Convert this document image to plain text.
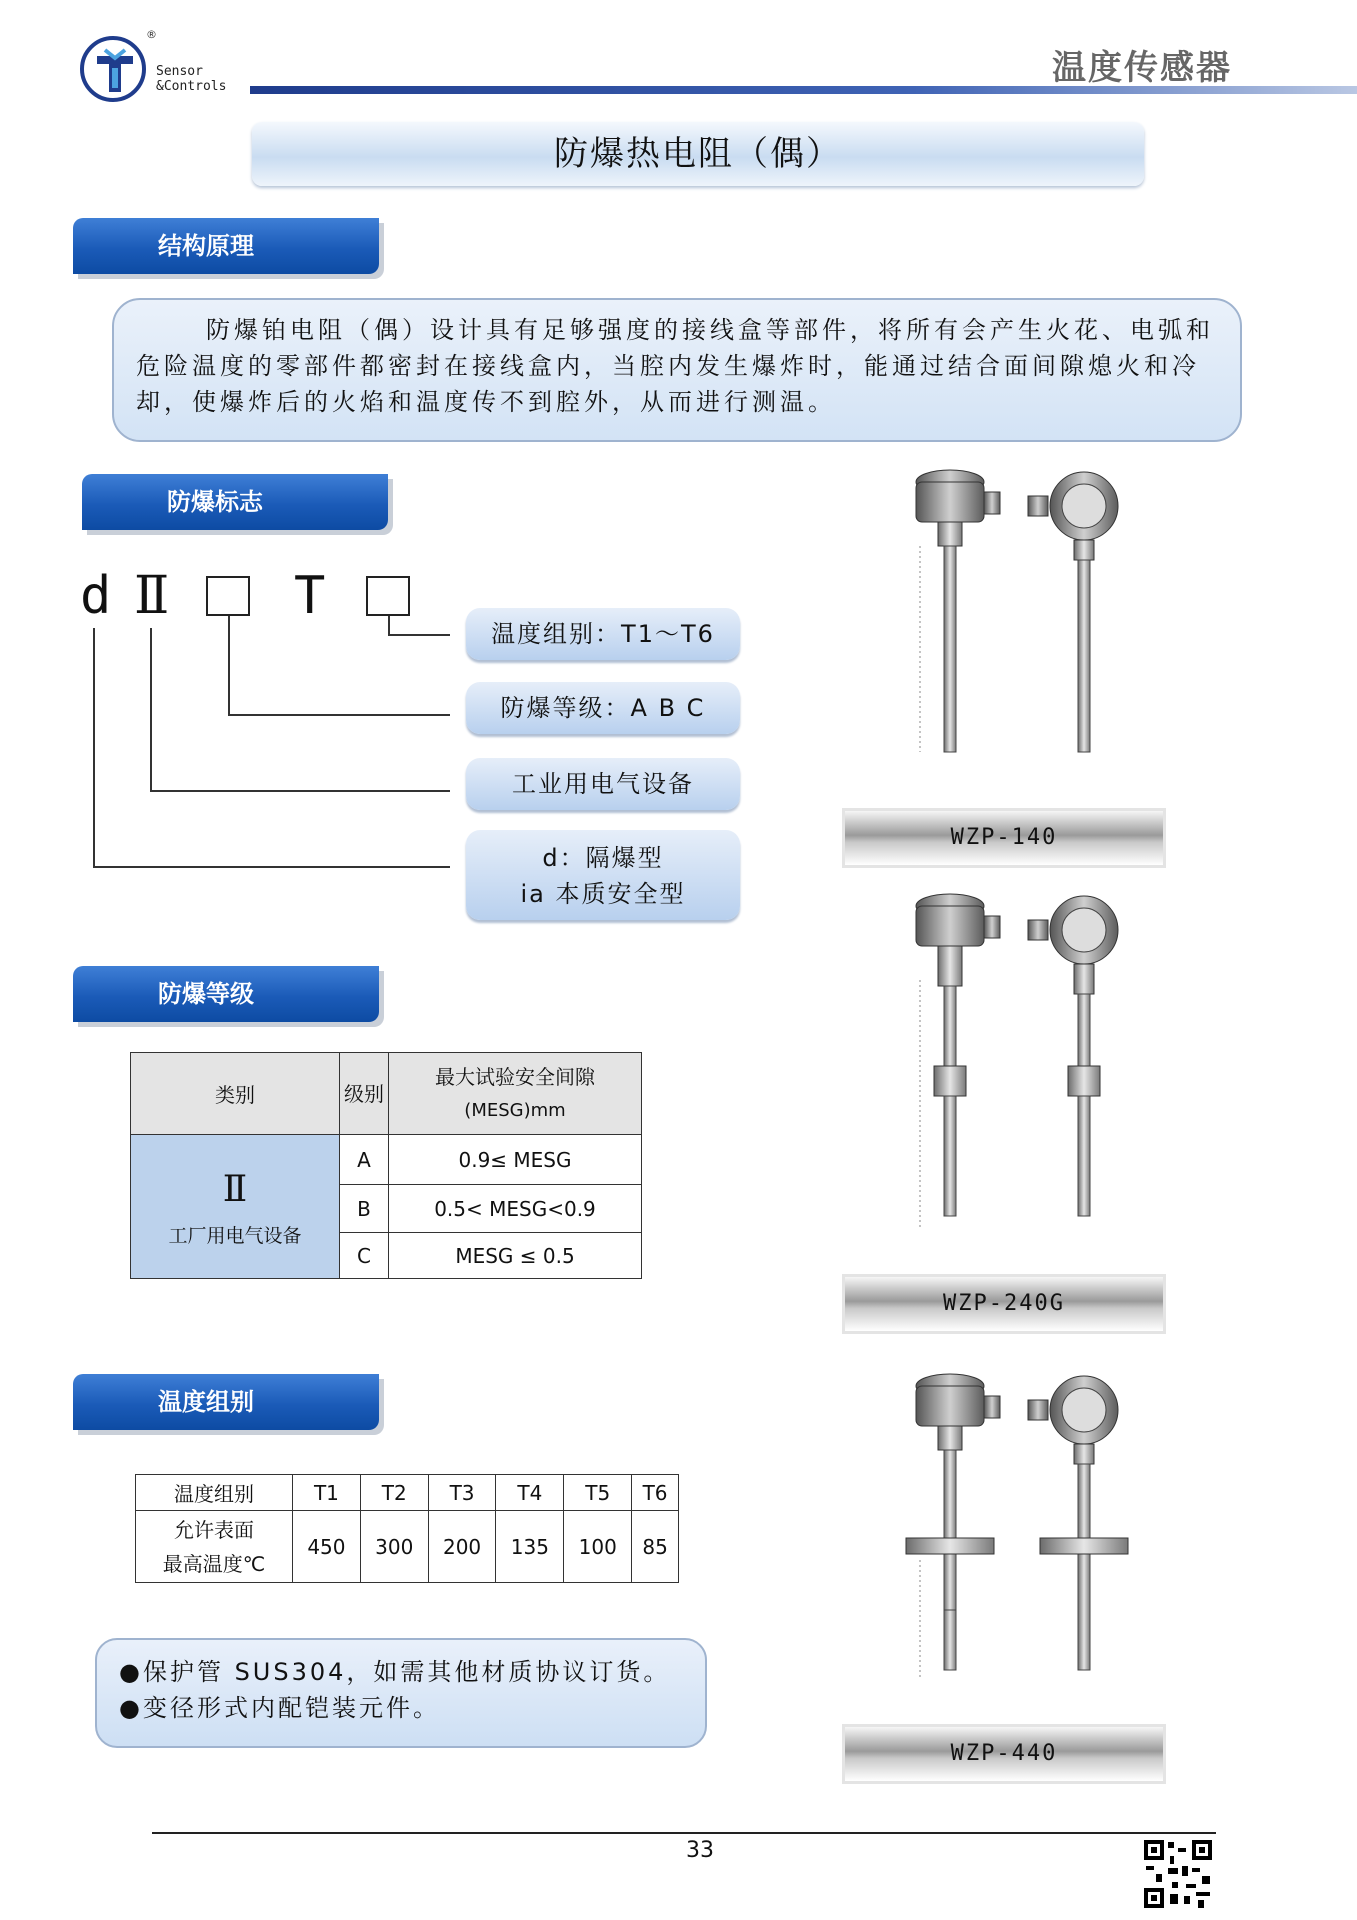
®
Sensor
&Controls	温度传感器
防爆热电阻（偶）
结构原理

防爆铂电阻（偶）设计具有足够强度的接线盒等部件，将所有会产生火花、电弧和危险温度的零部件都密封在接线盒内，当腔内发生爆炸时，能通过结合面间隙熄火和冷却，使爆炸后的火焰和温度传不到腔外，从而进行测温。

防爆标志
d Ⅱ T
温度组别：T1～T6
防爆等级：A B C
工业用电气设备
d：隔爆型
ia 本质安全型
防爆等级
类别	级别	最大试验安全间隙
(MESG)mm

Ⅱ
工厂用电气设备	A	0.9≤ MESG
	B	0.5< MESG<0.9
	C	MESG ≤ 0.5
温度组别
温度组别	T1	T2	T3	T4	T5	T6

允许表面
最高温度℃	450	300	200	135	100	85
●保护管 SUS304，如需其他材质协议订货。
●变径形式内配铠装元件。
WZP-140
WZP-240G
WZP-440
33
